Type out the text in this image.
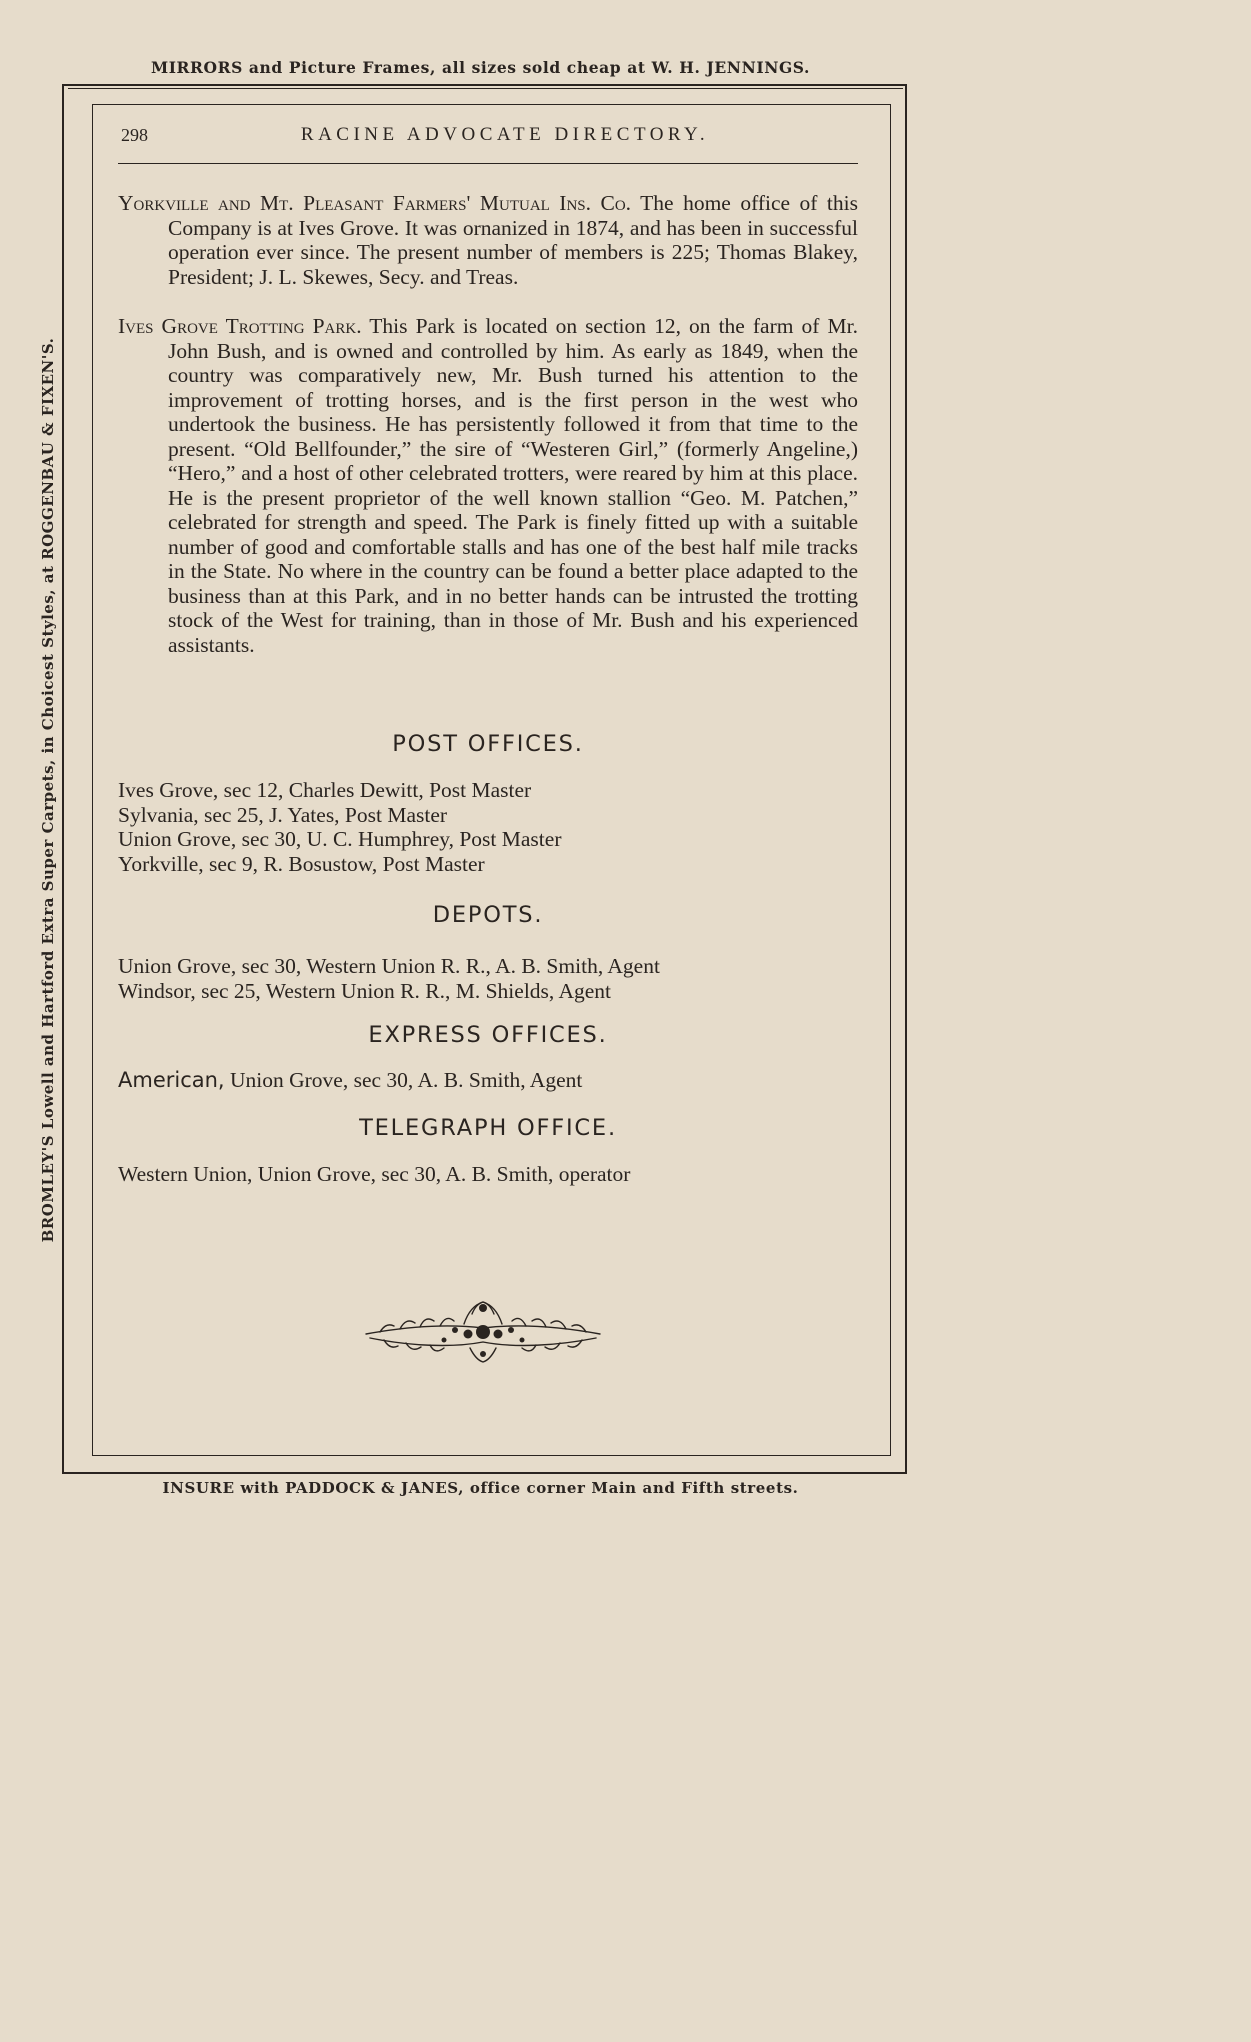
MIRRORS and Picture Frames, all sizes sold cheap at W. H. JENNINGS.
BROMLEY'S Lowell and Hartford Extra Super Carpets, in Choicest Styles, at ROGGENBAU & FIXEN'S.
INSURE with PADDOCK & JANES, office corner Main and Fifth streets.
298	RACINE ADVOCATE DIRECTORY.

Yorkville and Mt. Pleasant Farmers' Mutual Ins. Co. The home office of this Company is at Ives Grove. It was ornanized in 1874, and has been in successful operation ever since. The present number of members is 225; Thomas Blakey, President; J. L. Skewes, Secy. and Treas.

Ives Grove Trotting Park. This Park is located on section 12, on the farm of Mr. John Bush, and is owned and controlled by him. As early as 1849, when the country was comparatively new, Mr. Bush turned his attention to the improvement of trotting horses, and is the first person in the west who undertook the business. He has persistently followed it from that time to the present. “Old Bellfounder,” the sire of “Westeren Girl,” (formerly Angeline,) “Hero,” and a host of other celebrated trotters, were reared by him at this place. He is the present proprietor of the well known stallion “Geo. M. Patchen,” celebrated for strength and speed. The Park is finely fitted up with a suitable number of good and comfortable stalls and has one of the best half mile tracks in the State. No where in the country can be found a better place adapted to the business than at this Park, and in no better hands can be intrusted the trotting stock of the West for training, than in those of Mr. Bush and his experienced assistants.

POST OFFICES.
Ives Grove, sec 12, Charles Dewitt, Post Master
Sylvania, sec 25, J. Yates, Post Master
Union Grove, sec 30, U. C. Humphrey, Post Master
Yorkville, sec 9, R. Bosustow, Post Master
DEPOTS.
Union Grove, sec 30, Western Union R. R., A. B. Smith, Agent
Windsor, sec 25, Western Union R. R., M. Shields, Agent
EXPRESS OFFICES.
American, Union Grove, sec 30, A. B. Smith, Agent
TELEGRAPH OFFICE.
Western Union, Union Grove, sec 30, A. B. Smith, operator
